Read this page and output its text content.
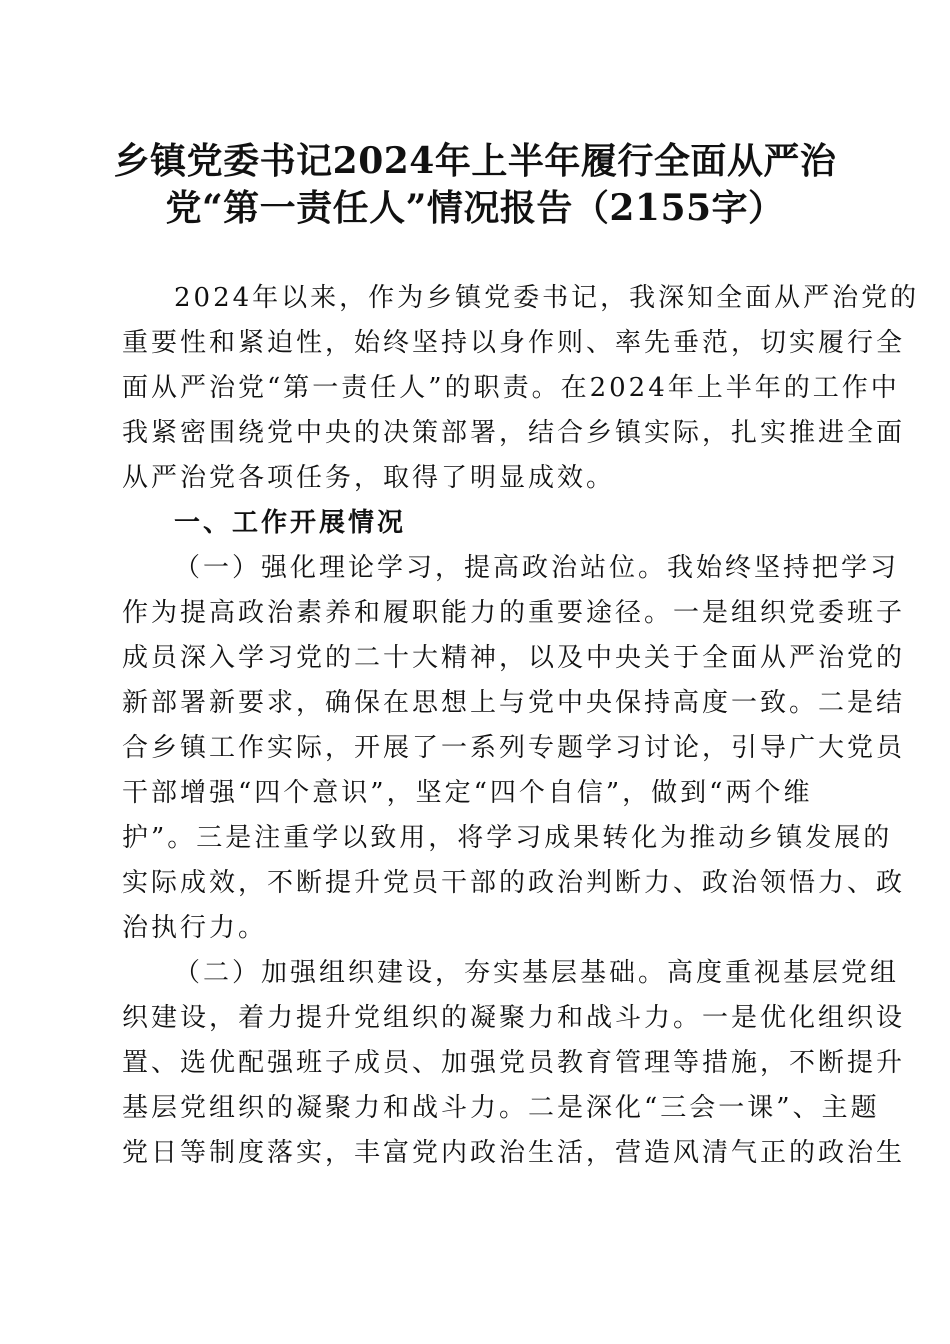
乡镇党委书记2024年上半年履行全面从严治
党“第一责任人”情况报告（2155字）
2024年以来，作为乡镇党委书记，我深知全面从严治党的
重要性和紧迫性，始终坚持以身作则、率先垂范，切实履行全
面从严治党“第一责任人”的职责。在2024年上半年的工作中
我紧密围绕党中央的决策部署，结合乡镇实际，扎实推进全面
从严治党各项任务，取得了明显成效。
一、工作开展情况
（一）强化理论学习，提高政治站位。我始终坚持把学习
作为提高政治素养和履职能力的重要途径。一是组织党委班子
成员深入学习党的二十大精神，以及中央关于全面从严治党的
新部署新要求，确保在思想上与党中央保持高度一致。二是结
合乡镇工作实际，开展了一系列专题学习讨论，引导广大党员
干部增强“四个意识”，坚定“四个自信”，做到“两个维
护”。三是注重学以致用，将学习成果转化为推动乡镇发展的
实际成效，不断提升党员干部的政治判断力、政治领悟力、政
治执行力。
（二）加强组织建设，夯实基层基础。高度重视基层党组
织建设，着力提升党组织的凝聚力和战斗力。一是优化组织设
置、选优配强班子成员、加强党员教育管理等措施，不断提升
基层党组织的凝聚力和战斗力。二是深化“三会一课”、主题
党日等制度落实，丰富党内政治生活，营造风清气正的政治生
